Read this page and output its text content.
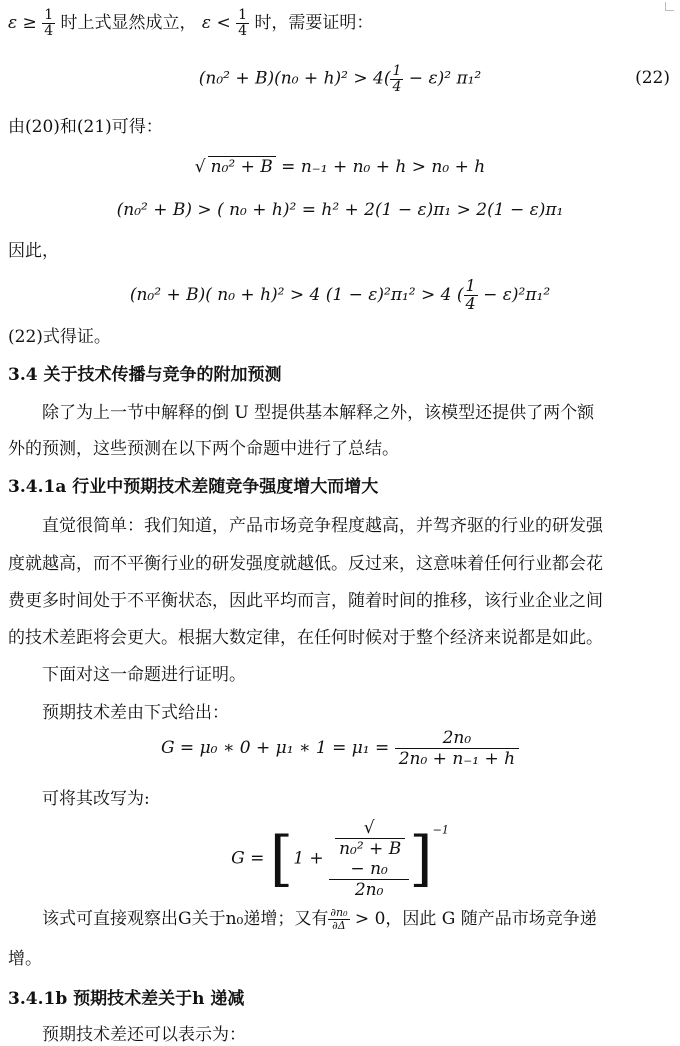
$\varepsilon \ge \frac{1}{4}$ 时上式显然成立， $\varepsilon < \frac{1}{4}$ 时，需要证明：
$(n_0^2 + B)(n_0 + h)^2 > 4( \frac{1}{4} - \varepsilon)^2$ π₁²	(22)
由(20)和(21)可得：
√ n₀² + B = n₋₁ + n₀ + h > n₀ + h
(n₀² + B) > ( n₀ + h)² = h² + 2(1 − ε)π₁ > 2(1 − ε)π₁
因此，
(n₀² + B)( n₀ + h)² > 4 (1 − ε)²π₁² > 4 ( $\frac{1}{4} - \varepsilon)^2\pi_1^2$
(22)式得证。
3.4 关于技术传播与竞争的附加预测
除了为上一节中解释的倒 U 型提供基本解释之外，该模型还提供了两个额
外的预测，这些预测在以下两个命题中进行了总结。
3.4.1a 行业中预期技术差随竞争强度增大而增大
直觉很简单：我们知道，产品市场竞争程度越高，并驾齐驱的行业的研发强
度就越高，而不平衡行业的研发强度就越低。反过来，这意味着任何行业都会花
费更多时间处于不平衡状态，因此平均而言，随着时间的推移，该行业企业之间
的技术差距将会更大。根据大数定律，在任何时候对于整个经济来说都是如此。
下面对这一命题进行证明。
预期技术差由下式给出：
G = μ₀ ∗ 0 + μ₁ ∗ $1 = \mu_1 = \frac{\text{2n₀}}{\text{2n₀ + n₋₁ + h}}$
可将其改写为:
G = [1 + √
n₀² + B
− n₀
2n₀ ]$^{-1}$
该式可直接观察出G关于n₀递增；又有 $\frac{\text{∂n₀}}{\partial\Delta} > 0$，因此 G 随产品市场竞争递
增。
3.4.1b 预期技术差关于h 递减
预期技术差还可以表示为：
